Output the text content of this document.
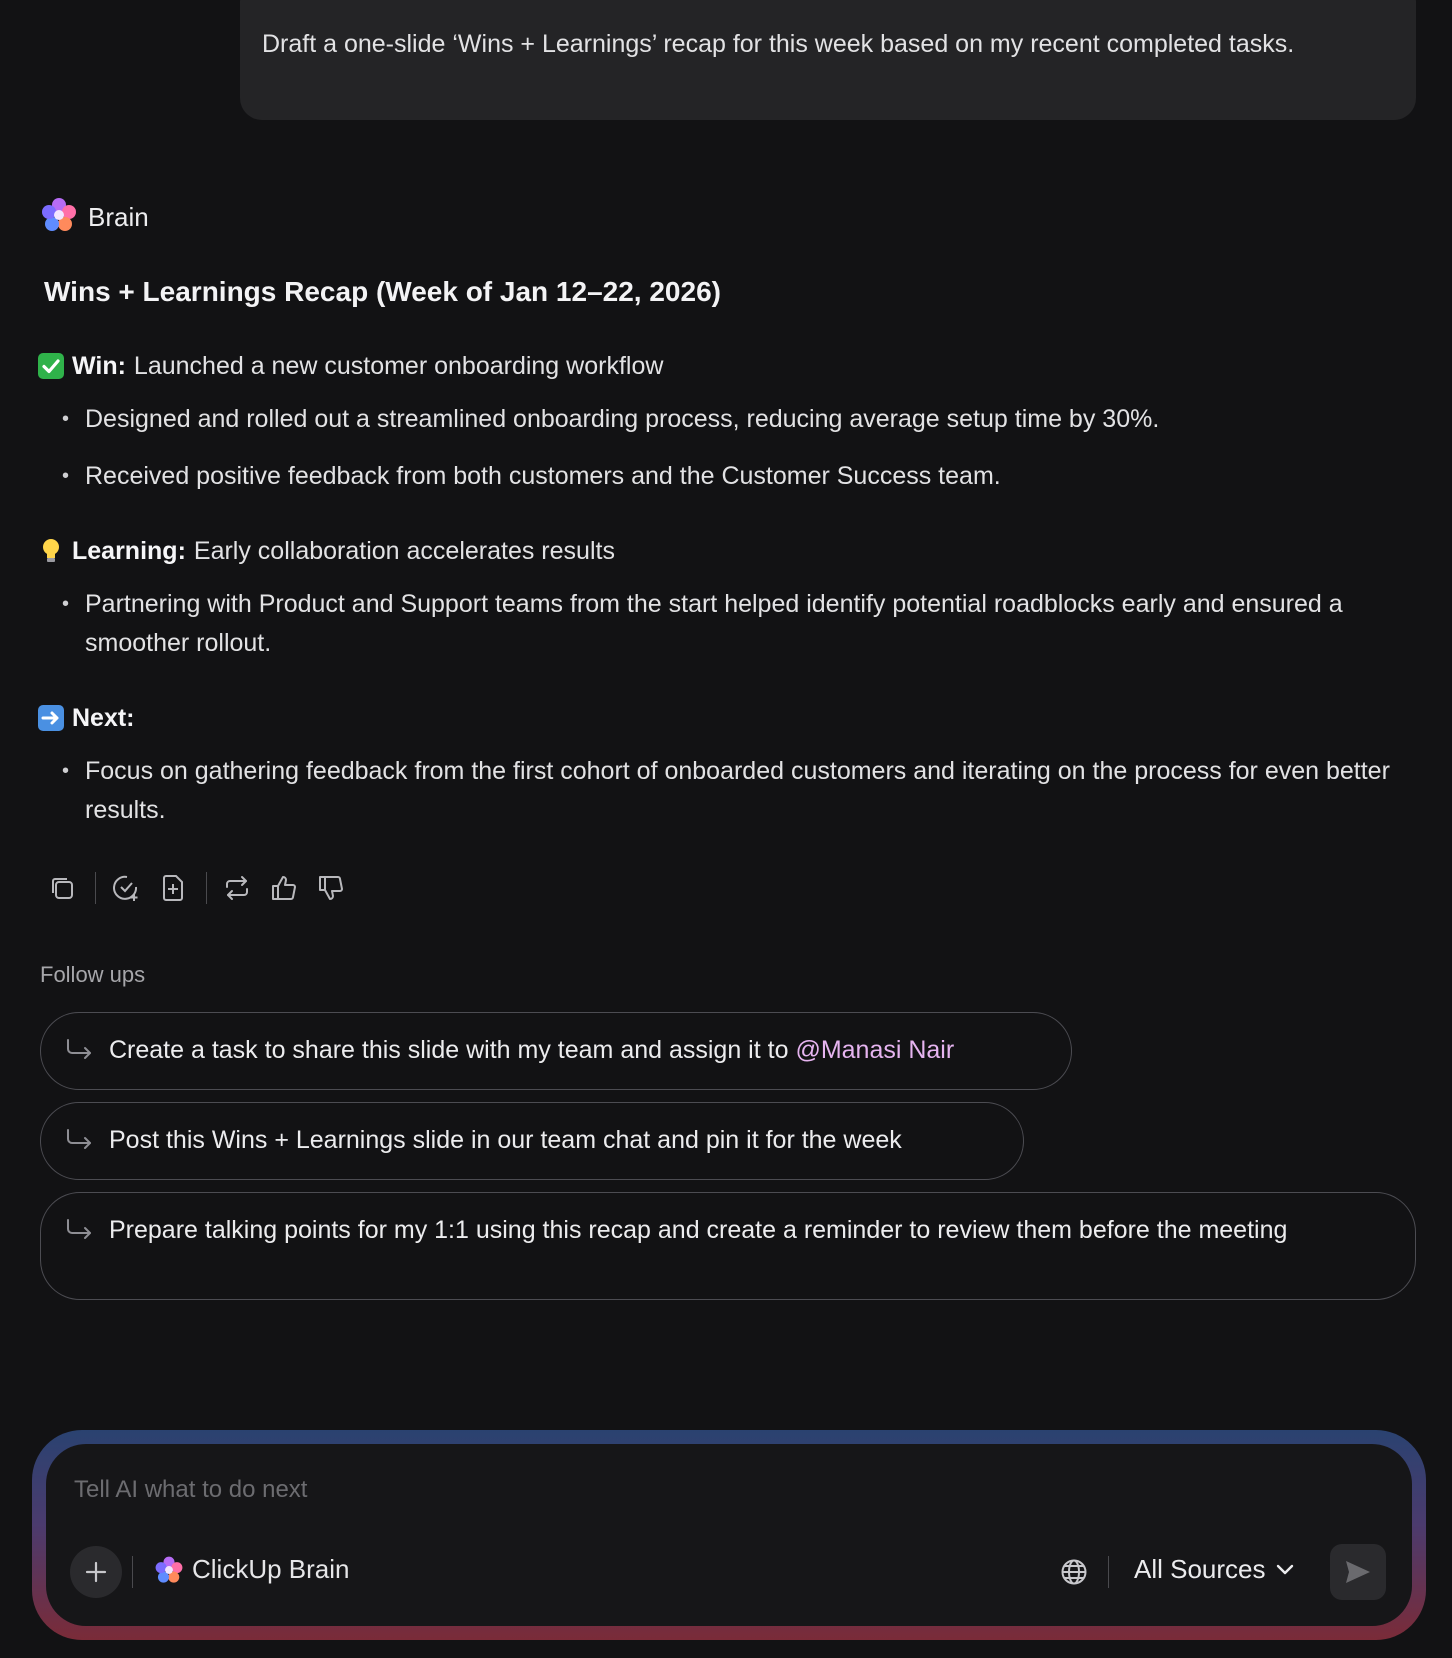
Draft a one-slide ‘Wins + Learnings’ recap for this week based on my recent completed tasks.
Brain
Wins + Learnings Recap (Week of Jan 12–22, 2026)
Win: Launched a new customer onboarding workflow
• Designed and rolled out a streamlined onboarding process, reducing average setup time by 30%.
• Received positive feedback from both customers and the Customer Success team.
Learning: Early collaboration accelerates results
• Partnering with Product and Support teams from the start helped identify potential roadblocks early and ensured a smoother rollout.
Next:
• Focus on gathering feedback from the first cohort of onboarded customers and iterating on the process for even better results.
Follow ups
Create a task to share this slide with my team and assign it to @Manasi Nair
Post this Wins + Learnings slide in our team chat and pin it for the week
Prepare talking points for my 1:1 using this recap and create a reminder to review them before the meeting
Tell AI what to do next
ClickUp Brain	All Sources
